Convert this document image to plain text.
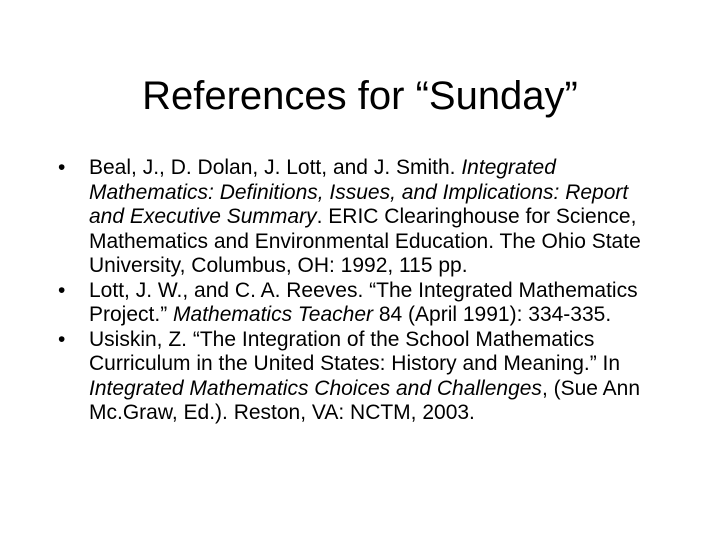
References for “Sunday”
• Beal, J., D. Dolan, J. Lott, and J. Smith. Integrated Mathematics: Definitions, Issues, and Implications: Report and Executive Summary. ERIC Clearinghouse for Science, Mathematics and Environmental Education. The Ohio State University, Columbus, OH: 1992, 115 pp.
• Lott, J. W., and C. A. Reeves. “The Integrated Mathematics Project.” Mathematics Teacher 84 (April 1991): 334-335.
• Usiskin, Z. “The Integration of the School Mathematics Curriculum in the United States: History and Meaning.” In Integrated Mathematics Choices and Challenges, (Sue Ann Mc.Graw, Ed.). Reston, VA: NCTM, 2003.
